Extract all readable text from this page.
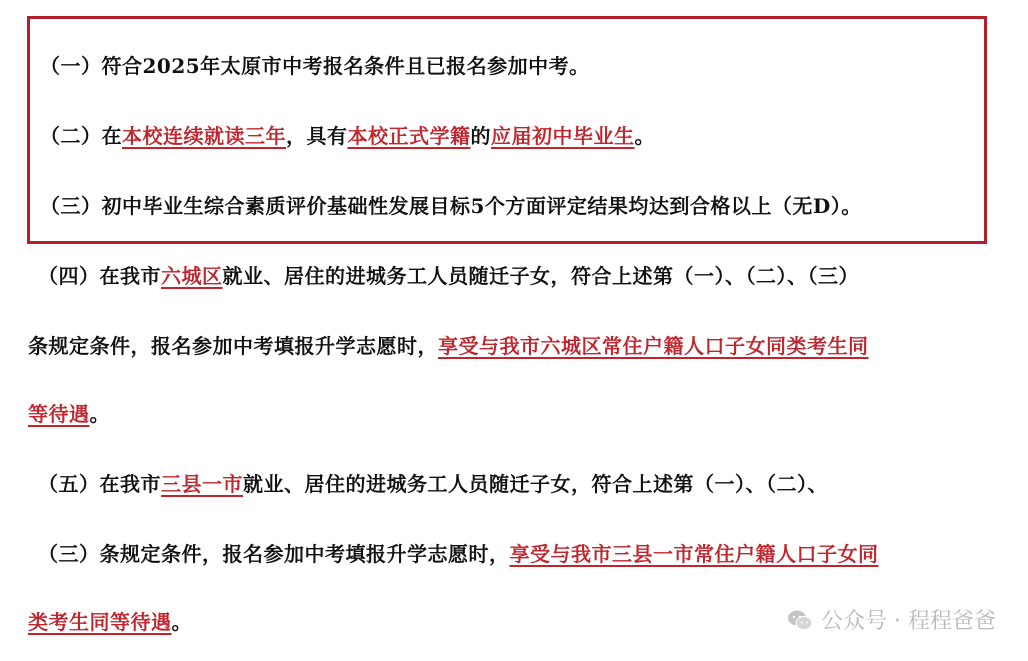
（一）符合2025年太原市中考报名条件且已报名参加中考。
（二）在本校连续就读三年，具有本校正式学籍的应届初中毕业生。
（三）初中毕业生综合素质评价基础性发展目标5个方面评定结果均达到合格以上（无D）。
（四）在我市六城区就业、居住的进城务工人员随迁子女，符合上述第（一）、（二）、（三）
条规定条件，报名参加中考填报升学志愿时，享受与我市六城区常住户籍人口子女同类考生同
等待遇。
（五）在我市三县一市就业、居住的进城务工人员随迁子女，符合上述第（一）、（二）、
（三）条规定条件，报名参加中考填报升学志愿时，享受与我市三县一市常住户籍人口子女同
类考生同等待遇。	公众号 · 程程爸爸
